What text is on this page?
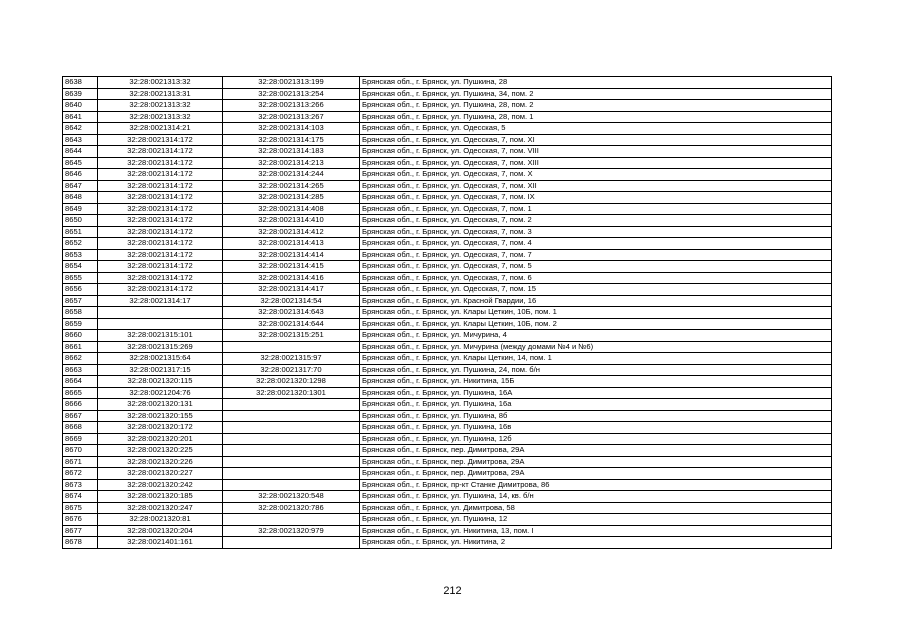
8638	32:28:0021313:32	32:28:0021313:199	Брянская обл., г. Брянск, ул. Пушкина, 28
8639	32:28:0021313:31	32:28:0021313:254	Брянская обл., г. Брянск, ул. Пушкина, 34, пом. 2
8640	32:28:0021313:32	32:28:0021313:266	Брянская обл., г. Брянск, ул. Пушкина, 28, пом. 2
8641	32:28:0021313:32	32:28:0021313:267	Брянская обл., г. Брянск, ул. Пушкина, 28, пом. 1
8642	32:28:0021314:21	32:28:0021314:103	Брянская обл., г. Брянск, ул. Одесская, 5
8643	32:28:0021314:172	32:28:0021314:175	Брянская обл., г. Брянск, ул. Одесская, 7, пом. XI
8644	32:28:0021314:172	32:28:0021314:183	Брянская обл., г. Брянск, ул. Одесская, 7, пом. VIII
8645	32:28:0021314:172	32:28:0021314:213	Брянская обл., г. Брянск, ул. Одесская, 7, пом. XIII
8646	32:28:0021314:172	32:28:0021314:244	Брянская обл., г. Брянск, ул. Одесская, 7, пом. X
8647	32:28:0021314:172	32:28:0021314:265	Брянская обл., г. Брянск, ул. Одесская, 7, пом. XII
8648	32:28:0021314:172	32:28:0021314:285	Брянская обл., г. Брянск, ул. Одесская, 7, пом. IX
8649	32:28:0021314:172	32:28:0021314:408	Брянская обл., г. Брянск, ул. Одесская, 7, пом. 1
8650	32:28:0021314:172	32:28:0021314:410	Брянская обл., г. Брянск, ул. Одесская, 7, пом. 2
8651	32:28:0021314:172	32:28:0021314:412	Брянская обл., г. Брянск, ул. Одесская, 7, пом. 3
8652	32:28:0021314:172	32:28:0021314:413	Брянская обл., г. Брянск, ул. Одесская, 7, пом. 4
8653	32:28:0021314:172	32:28:0021314:414	Брянская обл., г. Брянск, ул. Одесская, 7, пом. 7
8654	32:28:0021314:172	32:28:0021314:415	Брянская обл., г. Брянск, ул. Одесская, 7, пом. 5
8655	32:28:0021314:172	32:28:0021314:416	Брянская обл., г. Брянск, ул. Одесская, 7, пом. 6
8656	32:28:0021314:172	32:28:0021314:417	Брянская обл., г. Брянск, ул. Одесская, 7, пом. 15
8657	32:28:0021314:17	32:28:0021314:54	Брянская обл., г. Брянск, ул. Красной Гвардии, 16
8658		32:28:0021314:643	Брянская обл., г. Брянск, ул. Клары Цеткин, 10Б, пом. 1
8659		32:28:0021314:644	Брянская обл., г. Брянск, ул. Клары Цеткин, 10Б, пом. 2
8660	32:28:0021315:101	32:28:0021315:251	Брянская обл., г. Брянск, ул. Мичурина, 4
8661	32:28:0021315:269		Брянская обл., г. Брянск, ул. Мичурина (между домами №4 и №6)
8662	32:28:0021315:64	32:28:0021315:97	Брянская обл., г. Брянск, ул. Клары Цеткин, 14, пом. 1
8663	32:28:0021317:15	32:28:0021317:70	Брянская обл., г. Брянск, ул. Пушкина, 24, пом. б/н
8664	32:28:0021320:115	32:28:0021320:1298	Брянская обл., г. Брянск, ул. Никитина, 15Б
8665	32:28:0021204:76	32:28:0021320:1301	Брянская обл., г. Брянск, ул. Пушкина, 16А
8666	32:28:0021320:131		Брянская обл., г. Брянск, ул. Пушкина, 16а
8667	32:28:0021320:155		Брянская обл., г. Брянск, ул. Пушкина, 8б
8668	32:28:0021320:172		Брянская обл., г. Брянск, ул. Пушкина, 16в
8669	32:28:0021320:201		Брянская обл., г. Брянск, ул. Пушкина, 12б
8670	32:28:0021320:225		Брянская обл., г. Брянск, пер. Димитрова, 29А
8671	32:28:0021320:226		Брянская обл., г. Брянск, пер. Димитрова, 29А
8672	32:28:0021320:227		Брянская обл., г. Брянск, пер. Димитрова, 29А
8673	32:28:0021320:242		Брянская обл., г. Брянск, пр-кт Станке Димитрова, 86
8674	32:28:0021320:185	32:28:0021320:548	Брянская обл., г. Брянск, ул. Пушкина, 14, кв. б/н
8675	32:28:0021320:247	32:28:0021320:786	Брянская обл., г. Брянск, ул. Димитрова, 58
8676	32:28:0021320:81		Брянская обл., г. Брянск, ул. Пушкина, 12
8677	32:28:0021320:204	32:28:0021320:979	Брянская обл., г. Брянск, ул. Никитина, 13, пом. I
8678	32:28:0021401:161		Брянская обл., г. Брянск, ул. Никитина, 2
212
